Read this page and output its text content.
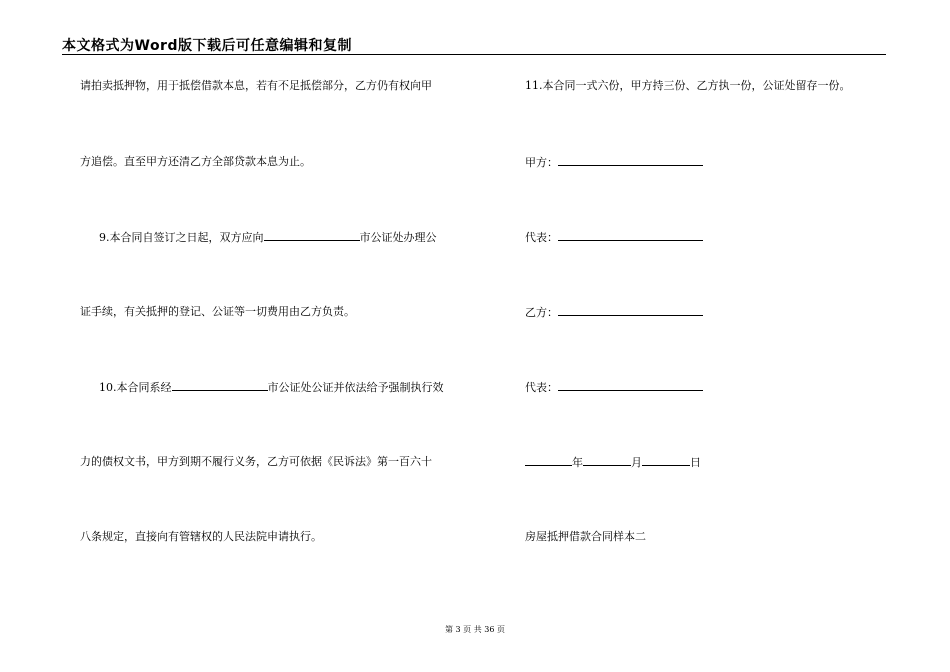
本文格式为Word版下载后可任意编辑和复制
请拍卖抵押物，用于抵偿借款本息，若有不足抵偿部分，乙方仍有权向甲
方追偿。直至甲方还清乙方全部贷款本息为止。
9.本合同自签订之日起，双方应向	市公证处办理公
证手续，有关抵押的登记、公证等一切费用由乙方负责。
10.本合同系经	市公证处公证并依法给予强制执行效
力的债权文书，甲方到期不履行义务，乙方可依据《民诉法》第一百六十
八条规定，直接向有管辖权的人民法院申请执行。
11.本合同一式六份，甲方持三份、乙方执一份，公证处留存一份。
甲方：
代表：
乙方：
代表：
年	月	日
房屋抵押借款合同样本二
第 3 页 共 36 页
